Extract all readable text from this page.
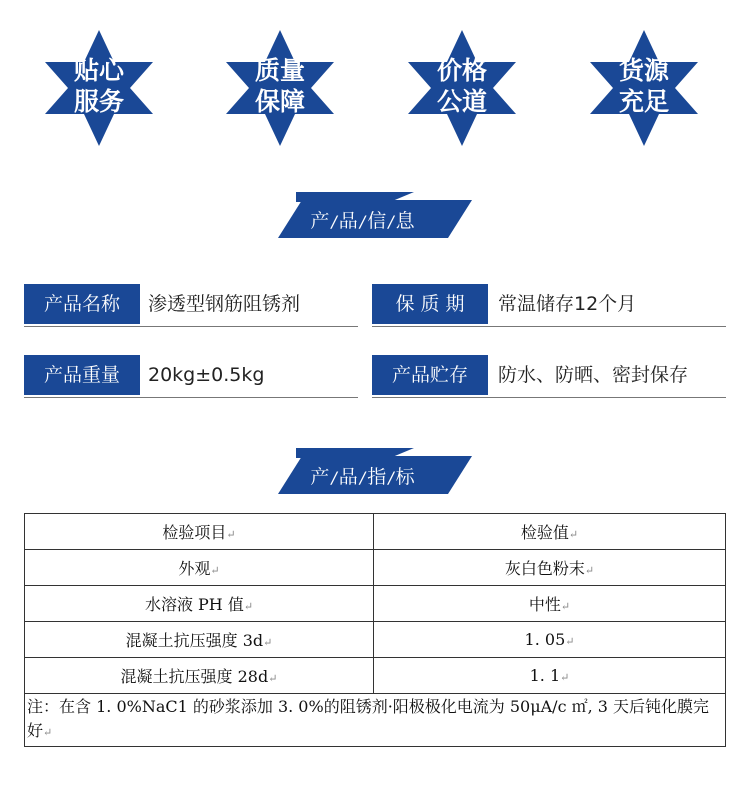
贴心
服务
质量
保障
价格
公道
货源
充足
产/品/信/息
产品名称	渗透型钢筋阻锈剂	保 质 期	常温储存12个月
产品重量	20kg±0.5kg	产品贮存	防水、防晒、密封保存
产/品/指/标
检验项目↵	检验值↵
外观↵	灰白色粉末↵
水溶液 PH 值↵	中性↵
混凝土抗压强度 3d↵	1. 05↵
混凝土抗压强度 28d↵	1. 1↵
注：在含 1. 0%NaC1 的砂浆添加 3. 0%的阻锈剂·阳极极化电流为 50μA/c ㎡, 3 天后钝化膜完好↵	
